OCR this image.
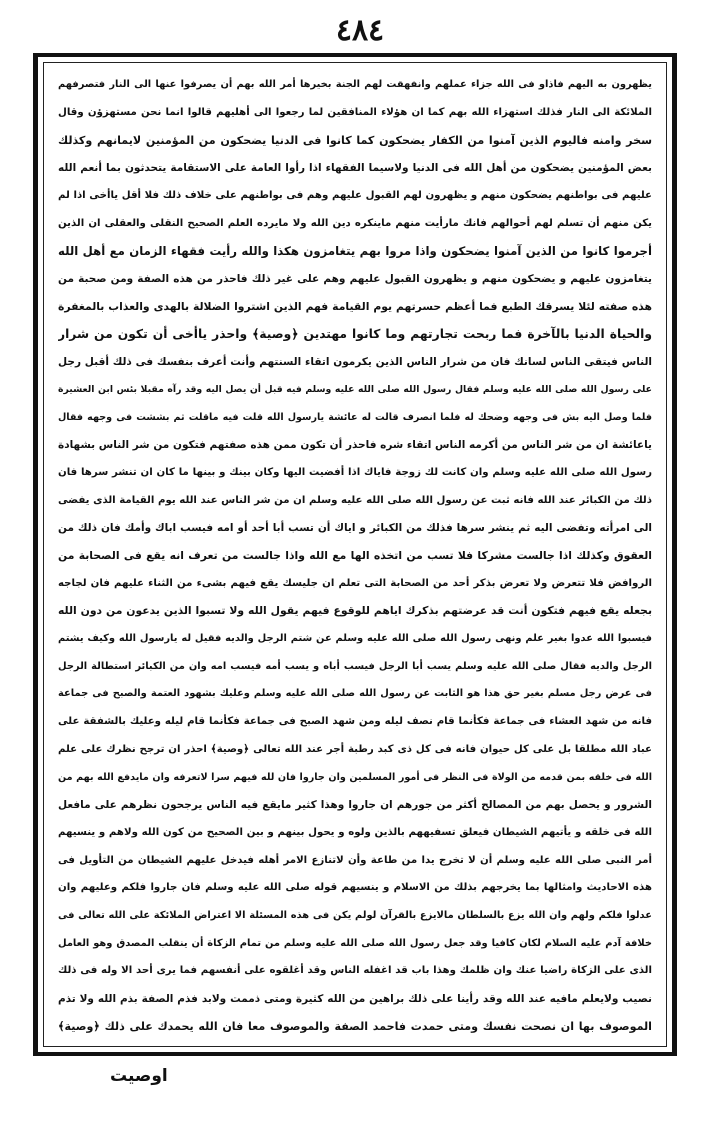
٤٨٤
يظهرون به اليهم فاذاو فى الله جزاء عملهم وانفهقت لهم الجنة بخيرها أمر الله بهم أن يصرفوا عنها الى النار فتصرفهم
الملائكة الى النار فذلك استهزاء الله بهم كما ان هؤلاء المنافقين لما رجعوا الى أهليهم قالوا انما نحن مستهزؤن وقال
سخر وامنه فاليوم الذين آمنوا من الكفار يضحكون كما كانوا فى الدنيا يضحكون من المؤمنين لايمانهم وكذلك
بعض المؤمنين يضحكون من أهل الله فى الدنيا ولاسيما الفقهاء اذا رأوا العامة على الاستقامة يتحدثون بما أنعم الله
عليهم فى بواطنهم يضحكون منهم و يظهرون لهم القبول عليهم وهم فى بواطنهم على خلاف ذلك فلا أقل ياأخى اذا لم
يكن منهم أن تسلم لهم أحوالهم فانك مارأيت منهم ماينكره دين الله ولا مايرده العلم الصحيح النقلى والعقلى ان الذين
أجرموا كانوا من الذين آمنوا يضحكون واذا مروا بهم يتغامزون هكذا والله رأيت فقهاء الزمان مع أهل الله
يتغامزون عليهم و يضحكون منهم و يظهرون القبول عليهم وهم على غير ذلك فاحذر من هذه الصفة ومن صحبة من
هذه صفته لئلا يسرقك الطبع فما أعظم حسرتهم يوم القيامة فهم الذين اشتروا الضلالة بالهدى والعذاب بالمغفرة
والحياة الدنيا بالآخرة فما ربحت تجارتهم وما كانوا مهتدين ﴿وصية﴾ واحذر ياأخى أن تكون من شرار
الناس فيتقى الناس لسانك فان من شرار الناس الذين يكرمون اتقاء السنتهم وأنت أعرف بنفسك فى ذلك أقبل رجل
على رسول الله صلى الله عليه وسلم فقال رسول الله صلى الله عليه وسلم فيه قبل أن يصل اليه وقد رآه مقبلا بئس ابن العشيرة
فلما وصل اليه بش فى وجهه وضحك له فلما انصرف قالت له عائشة يارسول الله قلت فيه ماقلت ثم بششت فى وجهه فقال
ياعائشة ان من شر الناس من أكرمه الناس اتقاء شره فاحذر أن تكون ممن هذه صفتهم فتكون من شر الناس بشهادة
رسول الله صلى الله عليه وسلم وان كانت لك زوجة فاياك اذا أفضيت اليها وكان بينك و بينها ما كان ان تنشر سرها فان
ذلك من الكبائر عند الله فانه ثبت عن رسول الله صلى الله عليه وسلم ان من شر الناس عند الله يوم القيامة الذى يفضى
الى امرأته وتفضى اليه ثم ينشر سرها فذلك من الكبائر و اياك أن تسب أبا أحد أو امه فيسب اباك وأمك فان ذلك من
العقوق وكذلك اذا جالست مشركا فلا تسب من اتخذه الها مع الله واذا جالست من تعرف انه يقع فى الصحابة من
الروافض فلا تتعرض ولا تعرض بذكر أحد من الصحابة التى تعلم ان جليسك يقع فيهم بشىء من الثناء عليهم فان لجاجه
بجعله يقع فيهم فتكون أنت قد عرضتهم بذكرك اياهم للوقوع فيهم يقول الله ولا تسبوا الذين يدعون من دون الله
فيسبوا الله عدوا بغير علم ونهى رسول الله صلى الله عليه وسلم عن شتم الرجل والديه فقيل له يارسول الله وكيف يشتم
الرجل والديه فقال صلى الله عليه وسلم يسب أبا الرجل فيسب أباه و يسب أمه فيسب امه وان من الكبائر استطالة الرجل
فى عرض رجل مسلم بغير حق هذا هو الثابت عن رسول الله صلى الله عليه وسلم وعليك بشهود العتمة والصبح فى جماعة
فانه من شهد العشاء فى جماعة فكأنما قام نصف ليله ومن شهد الصبح فى جماعة فكأنما قام ليله وعليك بالشفقة على
عباد الله مطلقا بل على كل حيوان فانه فى كل ذى كبد رطبة أجر عند الله تعالى ﴿وصية﴾ احذر ان ترجح نظرك على علم
الله فى خلقه بمن قدمه من الولاة فى النظر فى أمور المسلمين وان جاروا فان لله فيهم سرا لاتعرفه وان مايدفع الله بهم من
الشرور و يحصل بهم من المصالح أكثر من جورهم ان جاروا وهذا كثير مايقع فيه الناس يرجحون نظرهم على مافعل
الله فى خلقه و يأتيهم الشيطان فيعلق تسفيههم بالذين ولوه و يحول بينهم و بين الصحيح من كون الله ولاهم و ينسيهم
أمر النبى صلى الله عليه وسلم أن لا تخرج يدا من طاعة وأن لاتنازع الامر أهله فيدخل عليهم الشيطان من التأويل فى
هذه الاحاديث وامثالها بما يخرجهم بذلك من الاسلام و ينسيهم قوله صلى الله عليه وسلم فان جاروا فلكم وعليهم وان
عدلوا فلكم ولهم وان الله يزع بالسلطان مالايزع بالقرآن لولم يكن فى هذه المسئلة الا اعتراض الملائكة على الله تعالى فى
خلافة آدم عليه السلام لكان كافيا وقد جعل رسول الله صلى الله عليه وسلم من تمام الزكاة أن ينقلب المصدق وهو العامل
الذى على الزكاة راضيا عنك وان ظلمك وهذا باب قد اغفله الناس وقد أغلقوه على أنفسهم فما يرى أحد الا وله فى ذلك
نصيب ولايعلم مافيه عند الله وقد رأينا على ذلك براهين من الله كثيرة ومتى ذممت ولابد فذم الصفة بذم الله ولا تذم
الموصوف بها ان نصحت نفسك ومتى حمدت فاحمد الصفة والموصوف معا فان الله يحمدك على ذلك ﴿وصية﴾
اوصيت
